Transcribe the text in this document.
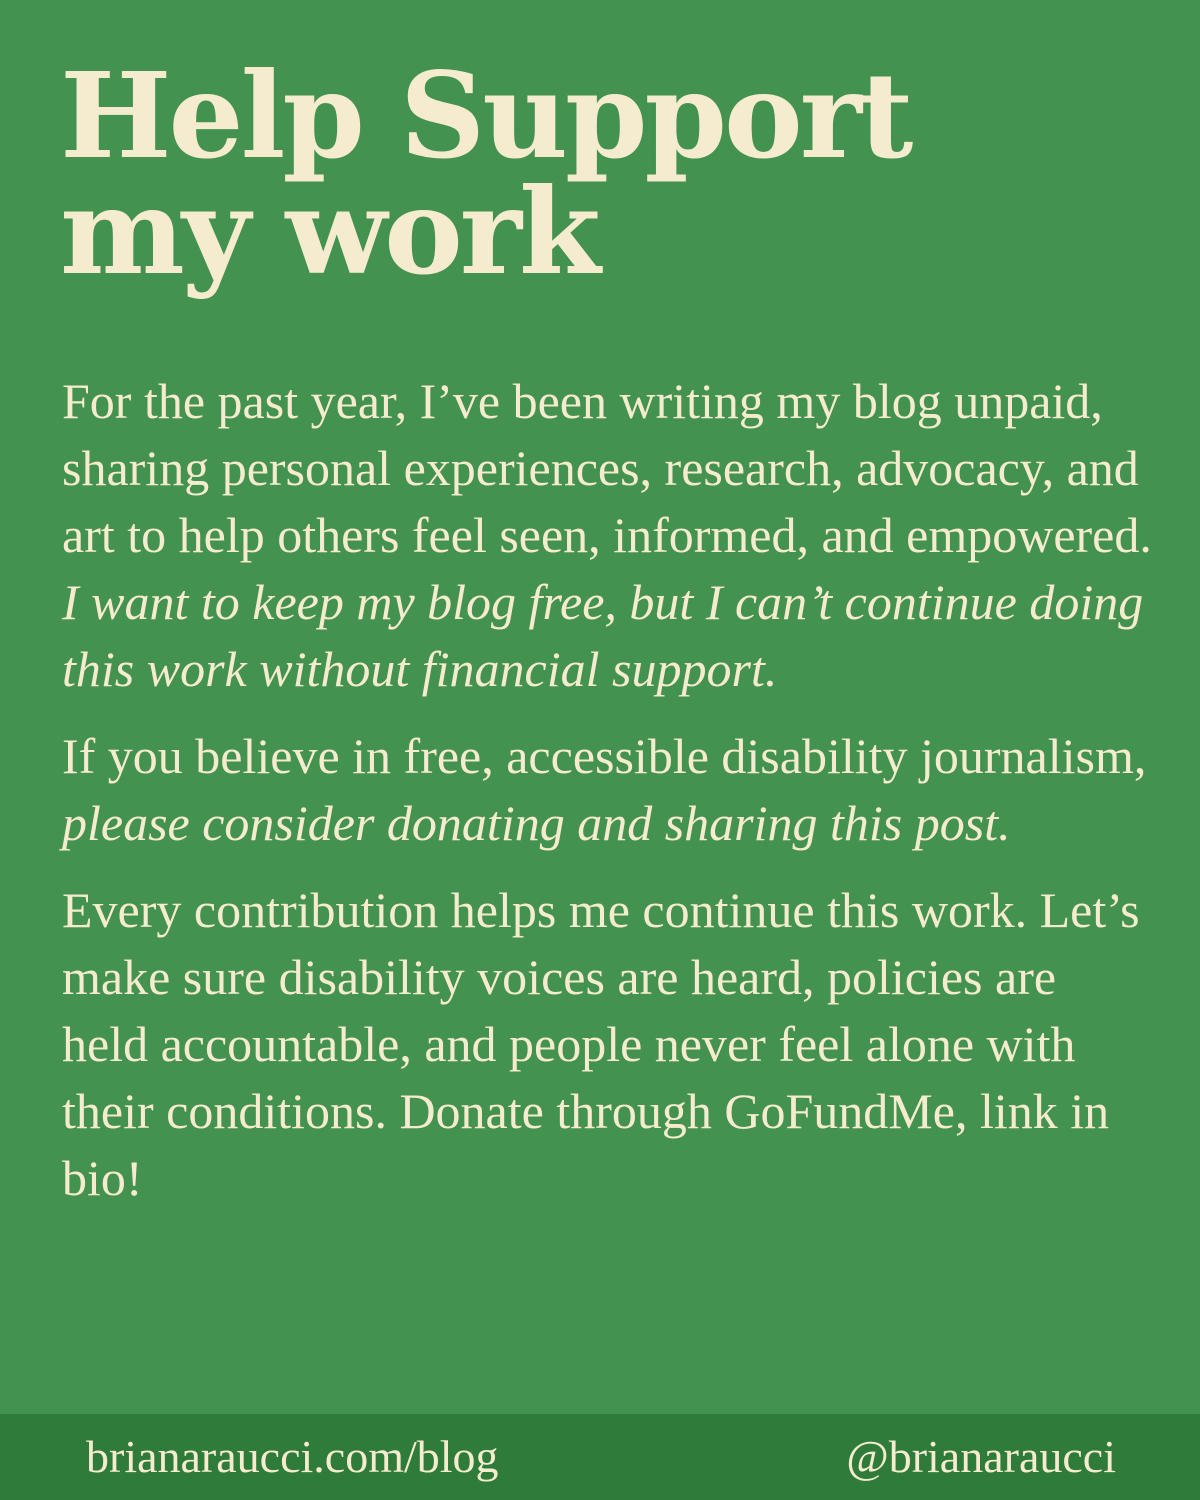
Help Support
my work

For the past year, I’ve been writing my blog unpaid, sharing personal experiences, research, advocacy, and art to help others feel seen, informed, and empowered. I want to keep my blog free, but I can’t continue doing this work without financial support.

If you believe in free, accessible disability journalism, please consider donating and sharing this post.

Every contribution helps me continue this work. Let’s make sure disability voices are heard, policies are held accountable, and people never feel alone with their conditions. Donate through GoFundMe, link in bio!

brianaraucci.com/blog	@brianaraucci
